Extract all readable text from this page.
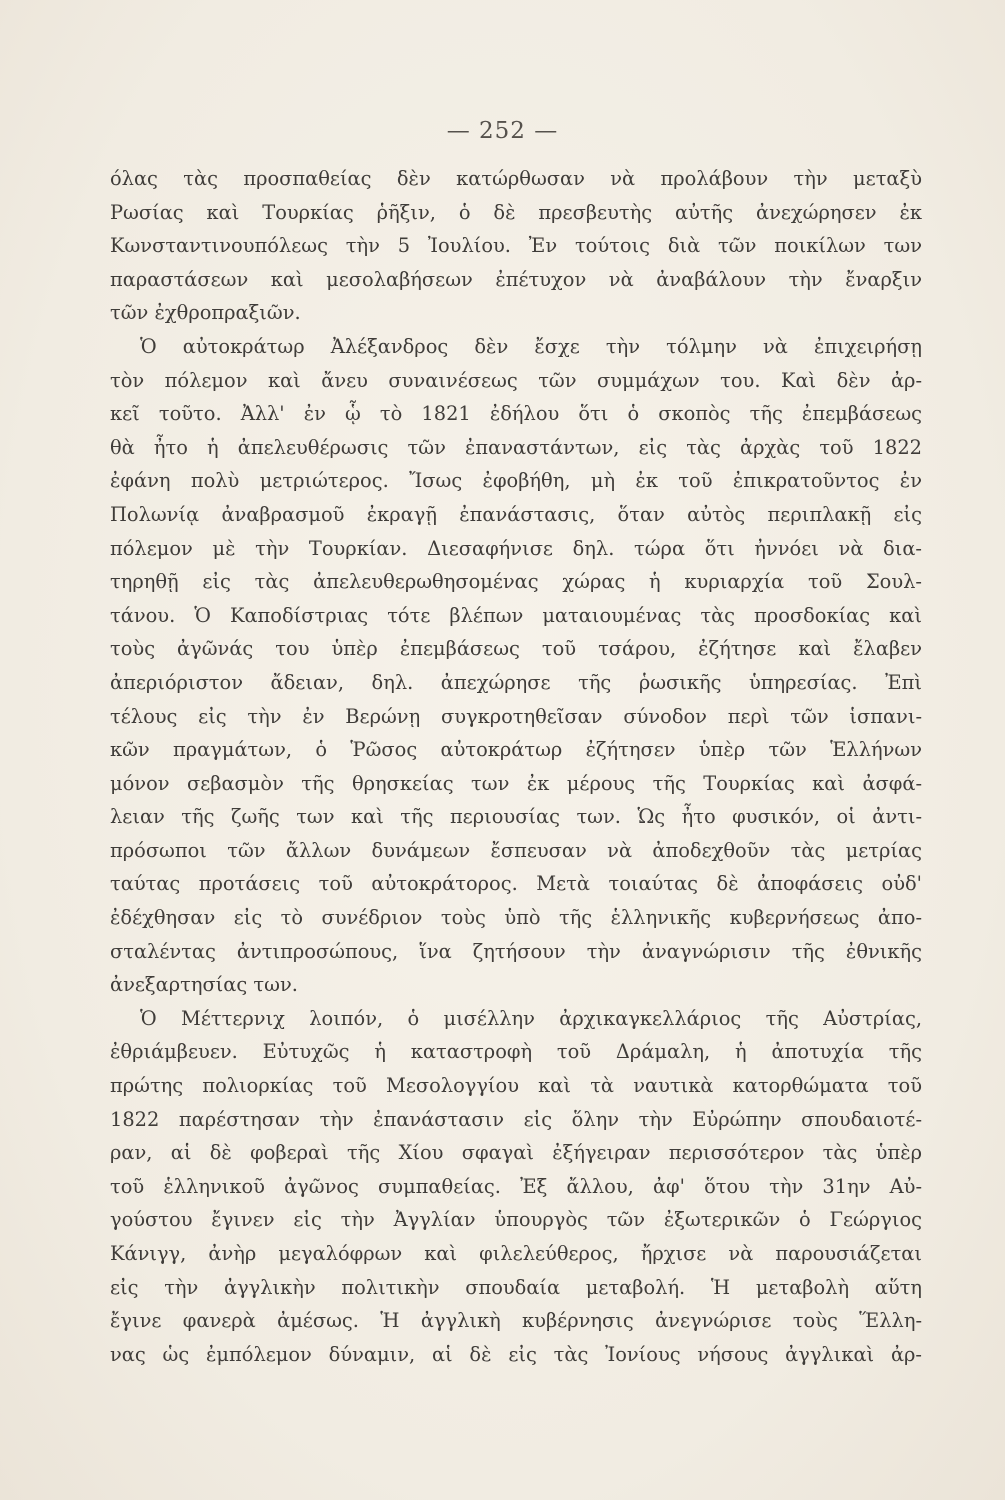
— 252 —
όλας τὰς προσπαθείας δὲν κατώρθωσαν νὰ προλάβουν τὴν μεταξὺ
Ρωσίας καὶ Τουρκίας ῥῆξιν, ὁ δὲ πρεσβευτὴς αὐτῆς ἀνεχώρησεν ἐκ
Κωνσταντινουπόλεως τὴν 5 Ἰουλίου. Ἐν τούτοις διὰ τῶν ποικίλων των
παραστάσεων καὶ μεσολαβήσεων ἐπέτυχον νὰ ἀναβάλουν τὴν ἔναρξιν
τῶν ἐχθροπραξιῶν.
Ὁ αὐτοκράτωρ Ἀλέξανδρος δὲν ἔσχε τὴν τόλμην νὰ ἐπιχειρήσῃ
τὸν πόλεμον καὶ ἄνευ συναινέσεως τῶν συμμάχων του. Καὶ δὲν ἀρ-
κεῖ τοῦτο. Ἀλλ' ἐν ᾧ τὸ 1821 ἐδήλου ὅτι ὁ σκοπὸς τῆς ἐπεμβάσεως
θὰ ἦτο ἡ ἀπελευθέρωσις τῶν ἐπαναστάντων, εἰς τὰς ἀρχὰς τοῦ 1822
ἐφάνη πολὺ μετριώτερος. Ἴσως ἐφοβήθη, μὴ ἐκ τοῦ ἐπικρατοῦντος ἐν
Πολωνίᾳ ἀναβρασμοῦ ἐκραγῇ ἐπανάστασις, ὅταν αὐτὸς περιπλακῇ εἰς
πόλεμον μὲ τὴν Τουρκίαν. Διεσαφήνισε δηλ. τώρα ὅτι ἠννόει νὰ δια-
τηρηθῇ εἰς τὰς ἀπελευθερωθησομένας χώρας ἡ κυριαρχία τοῦ Σουλ-
τάνου. Ὁ Καποδίστριας τότε βλέπων ματαιουμένας τὰς προσδοκίας καὶ
τοὺς ἀγῶνάς του ὑπὲρ ἐπεμβάσεως τοῦ τσάρου, ἐζήτησε καὶ ἔλαβεν
ἀπεριόριστον ἄδειαν, δηλ. ἀπεχώρησε τῆς ῥωσικῆς ὑπηρεσίας. Ἐπὶ
τέλους εἰς τὴν ἐν Βερώνῃ συγκροτηθεῖσαν σύνοδον περὶ τῶν ἱσπανι-
κῶν πραγμάτων, ὁ Ῥῶσος αὐτοκράτωρ ἐζήτησεν ὑπὲρ τῶν Ἑλλήνων
μόνον σεβασμὸν τῆς θρησκείας των ἐκ μέρους τῆς Τουρκίας καὶ ἀσφά-
λειαν τῆς ζωῆς των καὶ τῆς περιουσίας των. Ὡς ἦτο φυσικόν, οἱ ἀντι-
πρόσωποι τῶν ἄλλων δυνάμεων ἔσπευσαν νὰ ἀποδεχθοῦν τὰς μετρίας
ταύτας προτάσεις τοῦ αὐτοκράτορος. Μετὰ τοιαύτας δὲ ἀποφάσεις οὐδ'
ἐδέχθησαν εἰς τὸ συνέδριον τοὺς ὑπὸ τῆς ἑλληνικῆς κυβερνήσεως ἀπο-
σταλέντας ἀντιπροσώπους, ἵνα ζητήσουν τὴν ἀναγνώρισιν τῆς ἐθνικῆς
ἀνεξαρτησίας των.
Ὁ Μέττερνιχ λοιπόν, ὁ μισέλλην ἀρχικαγκελλάριος τῆς Αὐστρίας,
ἐθριάμβευεν. Εὐτυχῶς ἡ καταστροφὴ τοῦ Δράμαλη, ἡ ἀποτυχία τῆς
πρώτης πολιορκίας τοῦ Μεσολογγίου καὶ τὰ ναυτικὰ κατορθώματα τοῦ
1822 παρέστησαν τὴν ἐπανάστασιν εἰς ὅλην τὴν Εὐρώπην σπουδαιοτέ-
ραν, αἱ δὲ φοβεραὶ τῆς Χίου σφαγαὶ ἐξήγειραν περισσότερον τὰς ὑπὲρ
τοῦ ἑλληνικοῦ ἀγῶνος συμπαθείας. Ἐξ ἄλλου, ἀφ' ὅτου τὴν 31ην Αὐ-
γούστου ἔγινεν εἰς τὴν Ἀγγλίαν ὑπουργὸς τῶν ἐξωτερικῶν ὁ Γεώργιος
Κάνιγγ, ἀνὴρ μεγαλόφρων καὶ φιλελεύθερος, ἤρχισε νὰ παρουσιάζεται
εἰς τὴν ἀγγλικὴν πολιτικὴν σπουδαία μεταβολή. Ἡ μεταβολὴ αὕτη
ἔγινε φανερὰ ἀμέσως. Ἡ ἀγγλικὴ κυβέρνησις ἀνεγνώρισε τοὺς Ἕλλη-
νας ὡς ἐμπόλεμον δύναμιν, αἱ δὲ εἰς τὰς Ἰονίους νήσους ἀγγλικαὶ ἀρ-
